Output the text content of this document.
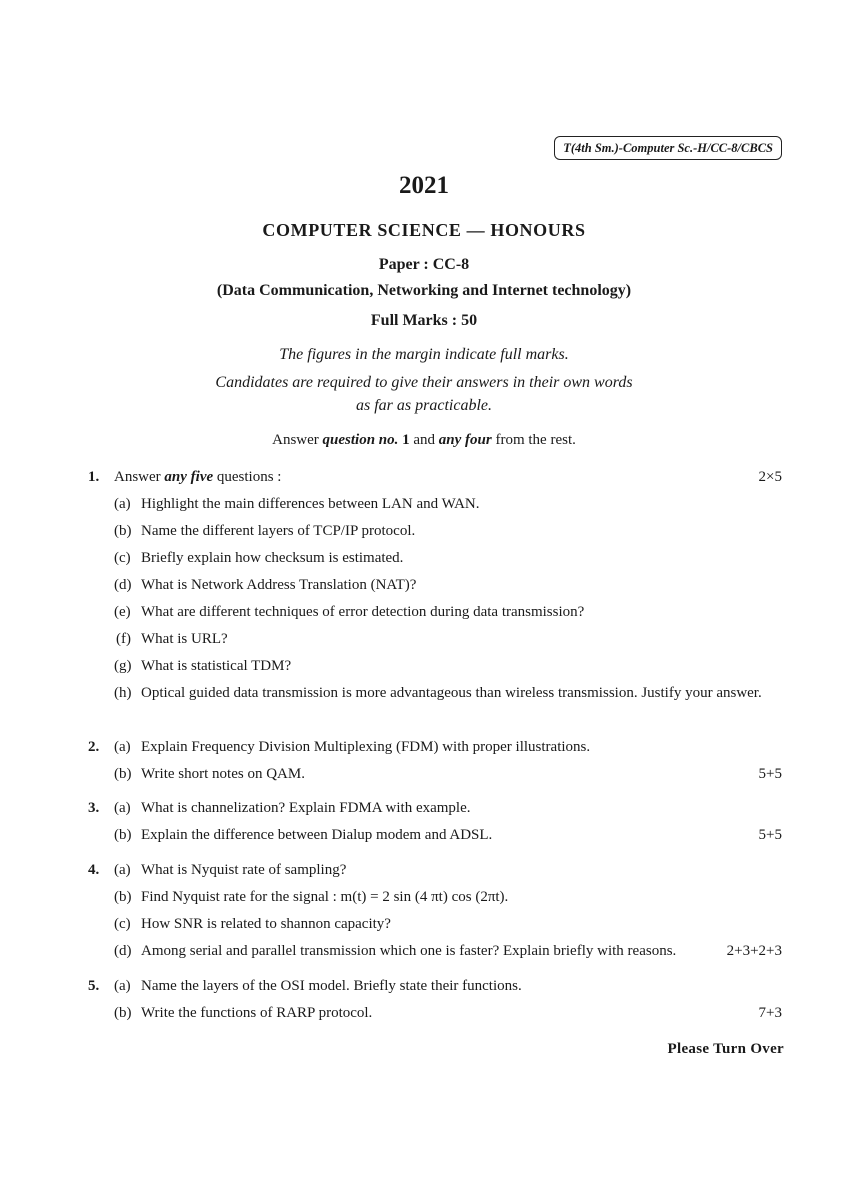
T(4th Sm.)-Computer Sc.-H/CC-8/CBCS
2021
COMPUTER SCIENCE — HONOURS
Paper : CC-8
(Data Communication, Networking and Internet technology)
Full Marks : 50
The figures in the margin indicate full marks.
Candidates are required to give their answers in their own words
as far as practicable.
Answer question no. 1 and any four from the rest.
1. Answer any five questions :	2×5
(a) Highlight the main differences between LAN and WAN.
(b) Name the different layers of TCP/IP protocol.
(c) Briefly explain how checksum is estimated.
(d) What is Network Address Translation (NAT)?
(e) What are different techniques of error detection during data transmission?
(f) What is URL?
(g) What is statistical TDM?
(h) Optical guided data transmission is more advantageous than wireless transmission. Justify your answer.
2. (a) Explain Frequency Division Multiplexing (FDM) with proper illustrations.
(b) Write short notes on QAM.	5+5
3. (a) What is channelization? Explain FDMA with example.
(b) Explain the difference between Dialup modem and ADSL.	5+5
4. (a) What is Nyquist rate of sampling?
(b) Find Nyquist rate for the signal : m(t) = 2 sin (4 πt) cos (2πt).
(c) How SNR is related to shannon capacity?
(d) Among serial and parallel transmission which one is faster? Explain briefly with reasons.	2+3+2+3
5. (a) Name the layers of the OSI model. Briefly state their functions.
(b) Write the functions of RARP protocol.	7+3
Please Turn Over
